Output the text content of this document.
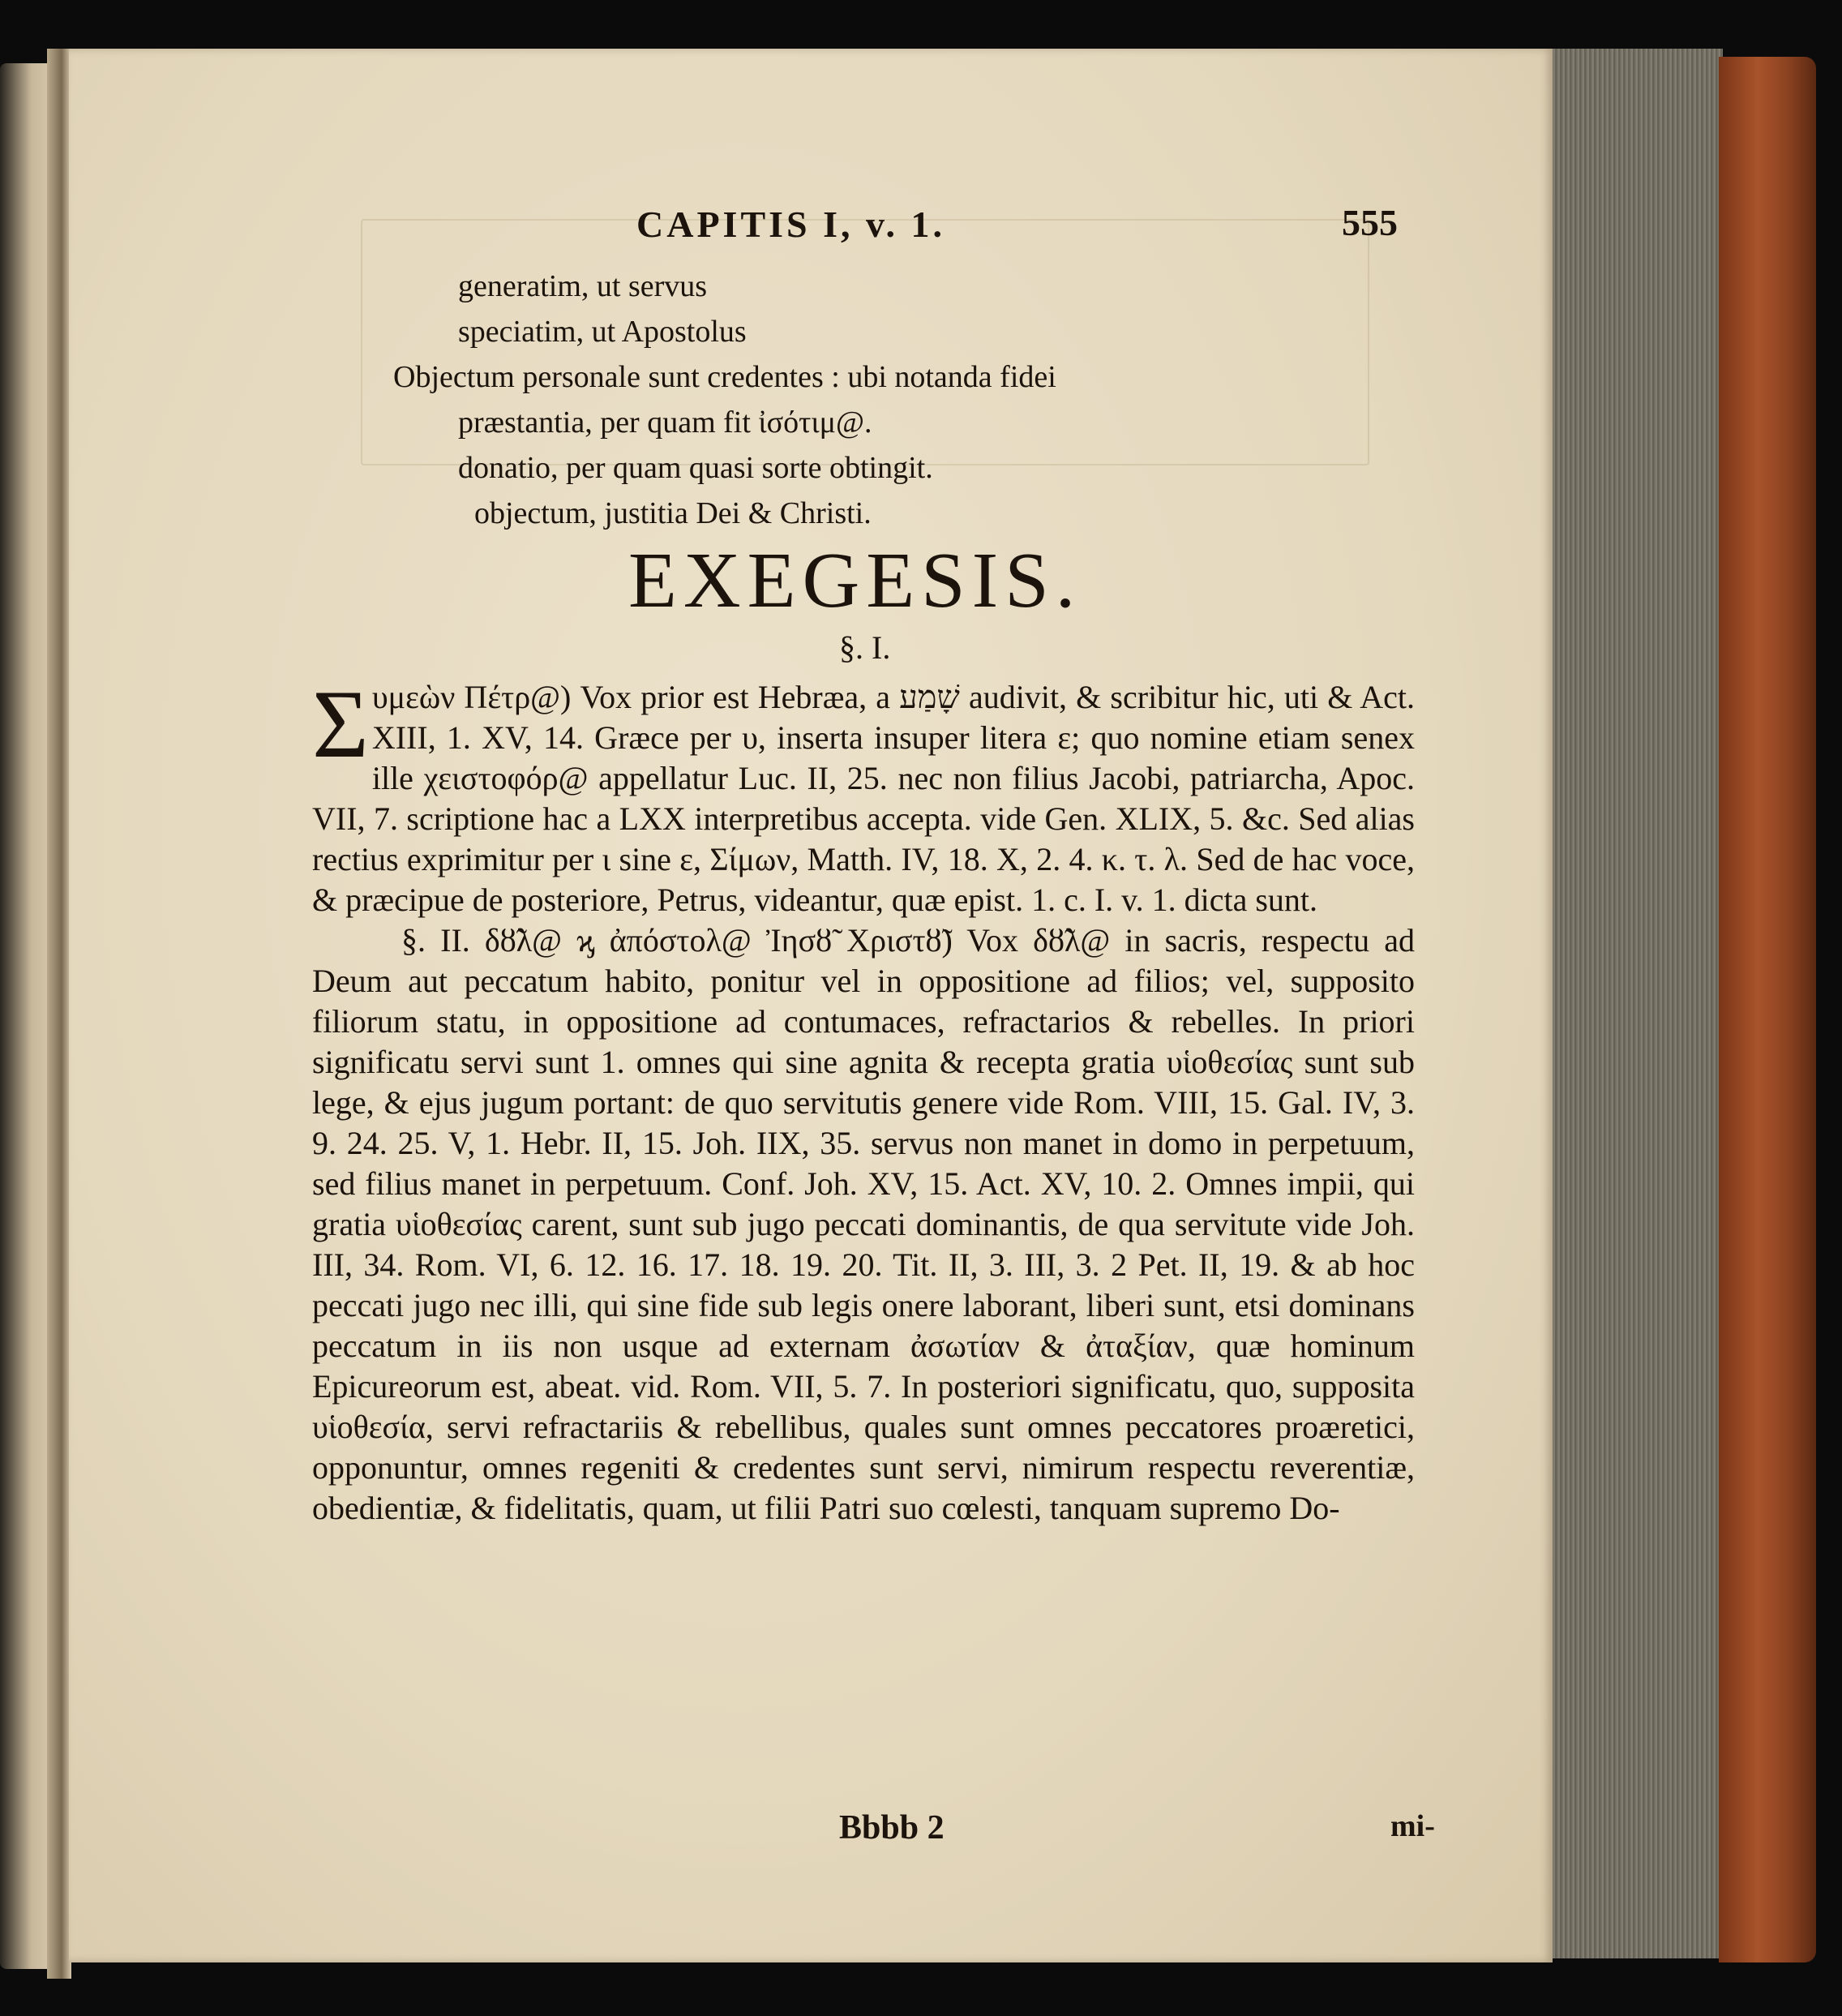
CAPITIS I, v. 1.	555
generatim, ut servus
speciatim, ut Apostolus
Objectum personale sunt credentes : ubi notanda fidei
præstantia, per quam fit ἰσότιμ@.
donatio, per quam quasi sorte obtingit.
objectum, justitia Dei & Christi.
EXEGESIS.
§. I.

Συμεὼν Πέτρ@) Vox prior est Hebræa, a שָׁמַע audivit, & scribitur hic, uti & Act. XIII, 1. XV, 14. Græce per υ, inserta insuper litera ε; quo nomine etiam senex ille χειστοφόρ@ appellatur Luc. II, 25. nec non filius Jacobi, patriarcha, Apoc. VII, 7. scriptione hac a LXX interpretibus accepta. vide Gen. XLIX, 5. &c. Sed alias rectius exprimitur per ι sine ε, Σίμων, Matth. IV, 18. X, 2. 4. κ. τ. λ. Sed de hac voce, & præcipue de posteriore, Petrus, videantur, quæ epist. 1. c. I. v. 1. dicta sunt.

§. II. δȣ̃λ@ ϗ ἀπόστολ@ Ἰησȣ̃ Χριστȣ̃) Vox δȣ̃λ@ in sacris, respectu ad Deum aut peccatum habito, ponitur vel in oppositione ad filios; vel, supposito filiorum statu, in oppositione ad contumaces, refractarios & rebelles. In priori significatu servi sunt 1. omnes qui sine agnita & recepta gratia υἱοθεσίας sunt sub lege, & ejus jugum portant: de quo servitutis genere vide Rom. VIII, 15. Gal. IV, 3. 9. 24. 25. V, 1. Hebr. II, 15. Joh. IIX, 35. servus non manet in domo in perpetuum, sed filius manet in perpetuum. Conf. Joh. XV, 15. Act. XV, 10. 2. Omnes impii, qui gratia υἱοθεσίας carent, sunt sub jugo peccati dominantis, de qua servitute vide Joh. III, 34. Rom. VI, 6. 12. 16. 17. 18. 19. 20. Tit. II, 3. III, 3. 2 Pet. II, 19. & ab hoc peccati jugo nec illi, qui sine fide sub legis onere laborant, liberi sunt, etsi dominans peccatum in iis non usque ad externam ἀσωτίαν & ἀταξίαν, quæ hominum Epicureorum est, abeat. vid. Rom. VII, 5. 7. In posteriori significatu, quo, supposita υἱοθεσία, servi refractariis & rebellibus, quales sunt omnes peccatores proæretici, opponuntur, omnes regeniti & credentes sunt servi, nimirum respectu reverentiæ, obedientiæ, & fidelitatis, quam, ut filii Patri suo cœlesti, tanquam supremo Do-

Bbbb 2	mi-
